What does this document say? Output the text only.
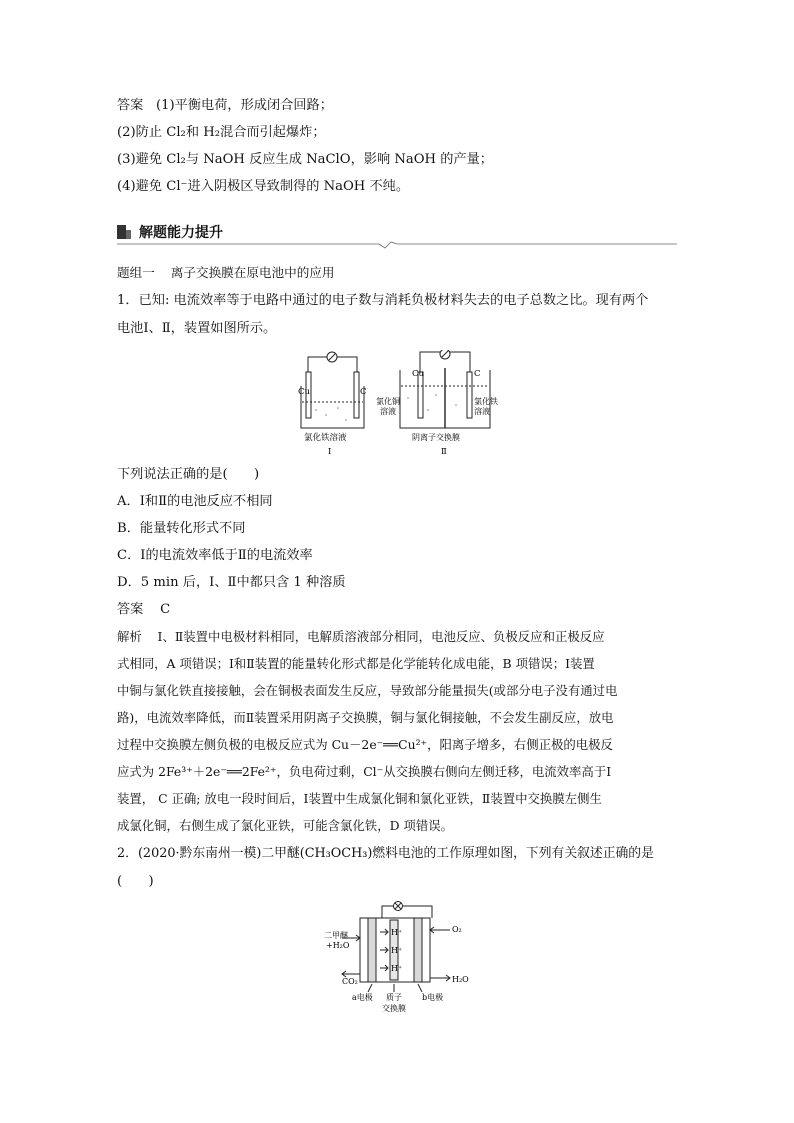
答案 (1)平衡电荷，形成闭合回路；
(2)防止 Cl₂和 H₂混合而引起爆炸；
(3)避免 Cl₂与 NaOH 反应生成 NaClO，影响 NaOH 的产量；
(4)避免 Cl⁻进入阴极区导致制得的 NaOH 不纯。
解题能力提升
题组一 离子交换膜在原电池中的应用
1．已知: 电流效率等于电路中通过的电子数与消耗负极材料失去的电子总数之比。现有两个
电池Ⅰ、Ⅱ，装置如图所示。
Cu	C
氯化铁溶液
Ⅰ
Cu	C
氯化铜
溶液
氯化铁
溶液
阴离子交换膜
Ⅱ
下列说法正确的是(　　)
A．Ⅰ和Ⅱ的电池反应不相同
B．能量转化形式不同
C．Ⅰ的电流效率低于Ⅱ的电流效率
D．5 min 后，Ⅰ、Ⅱ中都只含 1 种溶质
答案 C
解析 Ⅰ、Ⅱ装置中电极材料相同，电解质溶液部分相同，电池反应、负极反应和正极反应
式相同，A 项错误；Ⅰ和Ⅱ装置的能量转化形式都是化学能转化成电能，B 项错误；Ⅰ装置
中铜与氯化铁直接接触，会在铜极表面发生反应，导致部分能量损失(或部分电子没有通过电
路)，电流效率降低，而Ⅱ装置采用阴离子交换膜，铜与氯化铜接触，不会发生副反应，放电
过程中交换膜左侧负极的电极反应式为 Cu－2e⁻══Cu²⁺，阳离子增多，右侧正极的电极反
应式为 2Fe³⁺＋2e⁻══2Fe²⁺，负电荷过剩，Cl⁻从交换膜右侧向左侧迁移，电流效率高于Ⅰ
装置， C 正确; 放电一段时间后，Ⅰ装置中生成氯化铜和氯化亚铁，Ⅱ装置中交换膜左侧生
成氯化铜，右侧生成了氯化亚铁，可能含氯化铁，D 项错误。
2．(2020·黔东南州一模)二甲醚(CH₃OCH₃)燃料电池的工作原理如图，下列有关叙述正确的是
(　　)
H⁺
H⁺
H⁺
二甲醚
+H₂O
CO₂
O₂
H₂O
a电极 质子
交换膜
b电极
